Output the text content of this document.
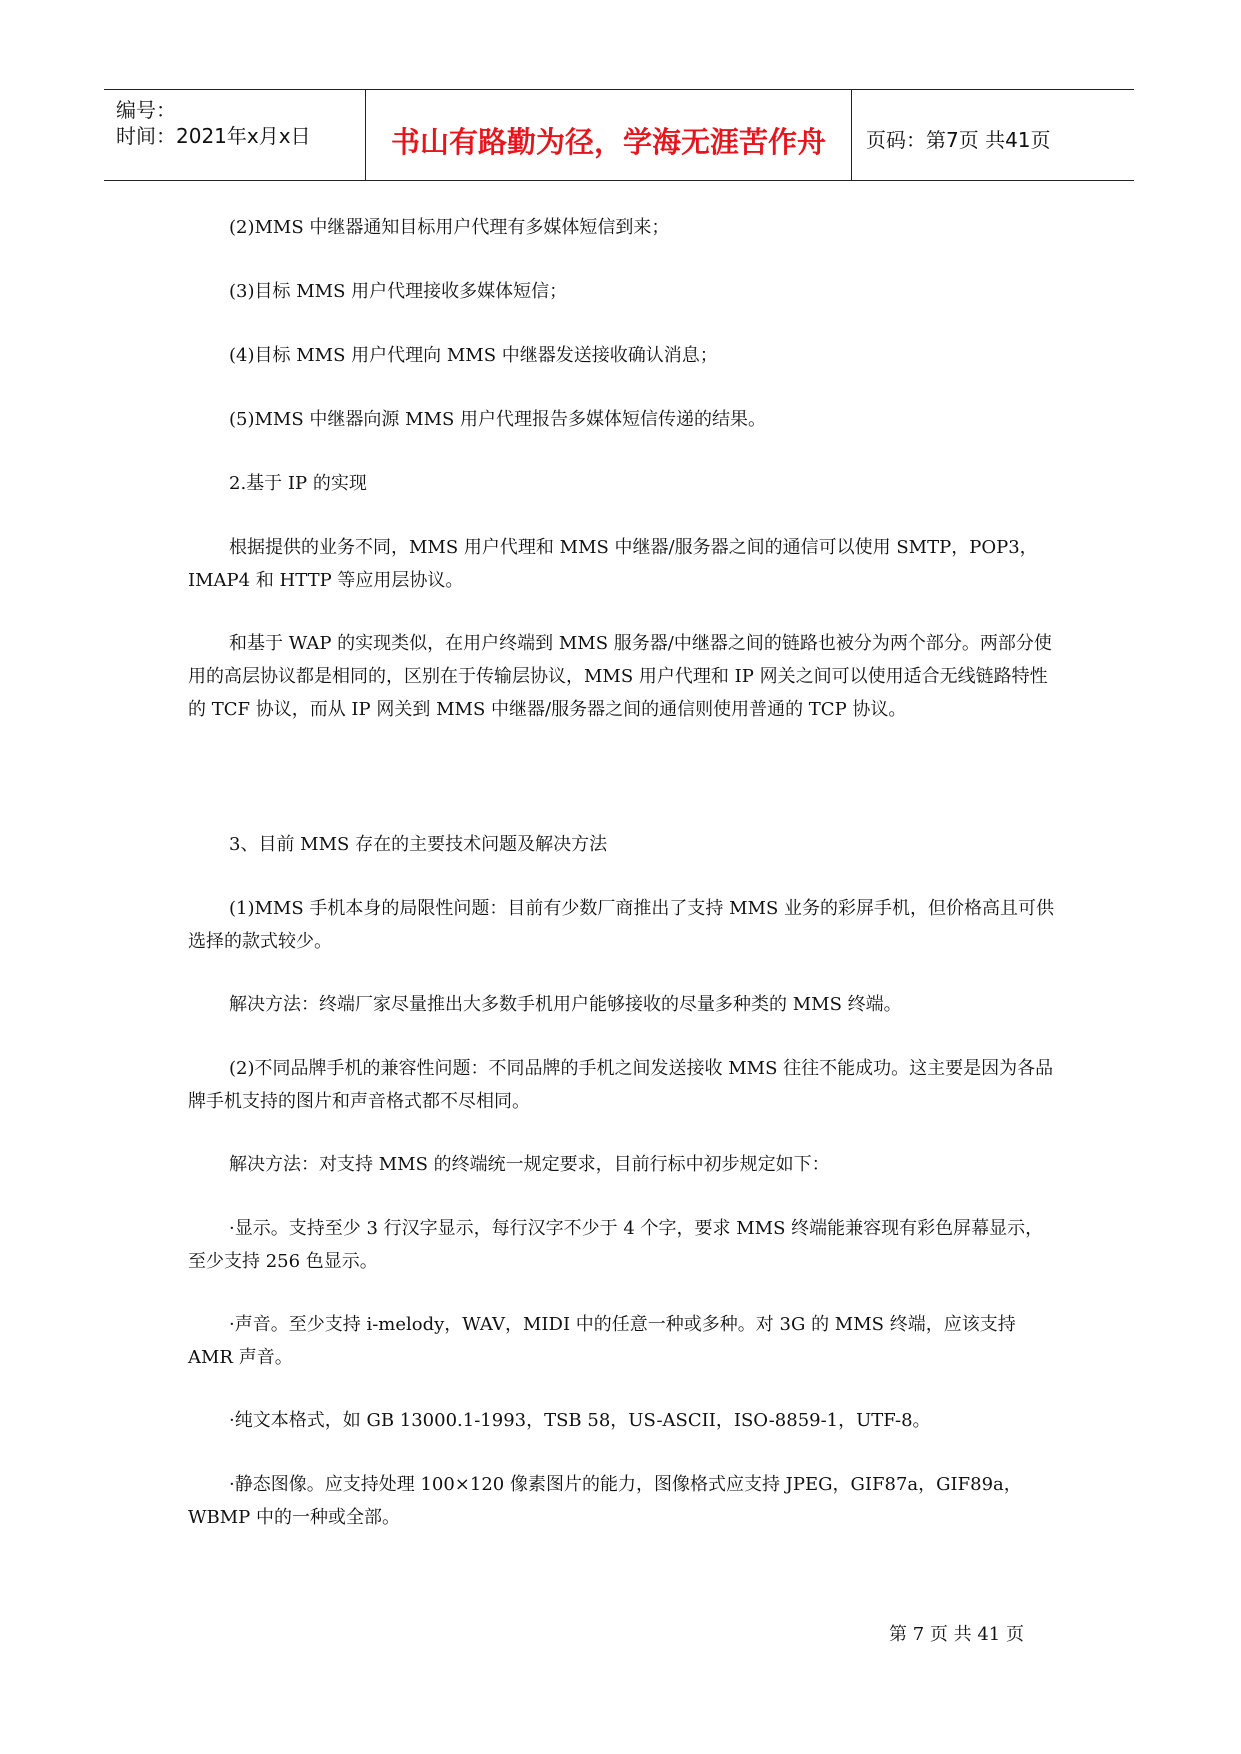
编号：
时间：2021年x月x日	书山有路勤为径，学海无涯苦作舟	页码：第7页 共41页

(2)MMS 中继器通知目标用户代理有多媒体短信到来；

(3)目标 MMS 用户代理接收多媒体短信；

(4)目标 MMS 用户代理向 MMS 中继器发送接收确认消息；

(5)MMS 中继器向源 MMS 用户代理报告多媒体短信传递的结果。

2.基于 IP 的实现

根据提供的业务不同，MMS 用户代理和 MMS 中继器/服务器之间的通信可以使用 SMTP，POP3，IMAP4 和 HTTP 等应用层协议。

和基于 WAP 的实现类似，在用户终端到 MMS 服务器/中继器之间的链路也被分为两个部分。两部分使用的高层协议都是相同的，区别在于传输层协议，MMS 用户代理和 IP 网关之间可以使用适合无线链路特性的 TCF 协议，而从 IP 网关到 MMS 中继器/服务器之间的通信则使用普通的 TCP 协议。

3、目前 MMS 存在的主要技术问题及解决方法

(1)MMS 手机本身的局限性问题：目前有少数厂商推出了支持 MMS 业务的彩屏手机，但价格高且可供选择的款式较少。

解决方法：终端厂家尽量推出大多数手机用户能够接收的尽量多种类的 MMS 终端。

(2)不同品牌手机的兼容性问题：不同品牌的手机之间发送接收 MMS 往往不能成功。这主要是因为各品牌手机支持的图片和声音格式都不尽相同。

解决方法：对支持 MMS 的终端统一规定要求，目前行标中初步规定如下：

·显示。支持至少 3 行汉字显示，每行汉字不少于 4 个字，要求 MMS 终端能兼容现有彩色屏幕显示，至少支持 256 色显示。

·声音。至少支持 i-melody，WAV，MIDI 中的任意一种或多种。对 3G 的 MMS 终端，应该支持 AMR 声音。

·纯文本格式，如 GB 13000.1-1993，TSB 58，US-ASCII，ISO-8859-1，UTF-8。

·静态图像。应支持处理 100×120 像素图片的能力，图像格式应支持 JPEG，GIF87a，GIF89a，WBMP 中的一种或全部。

第 7 页 共 41 页
